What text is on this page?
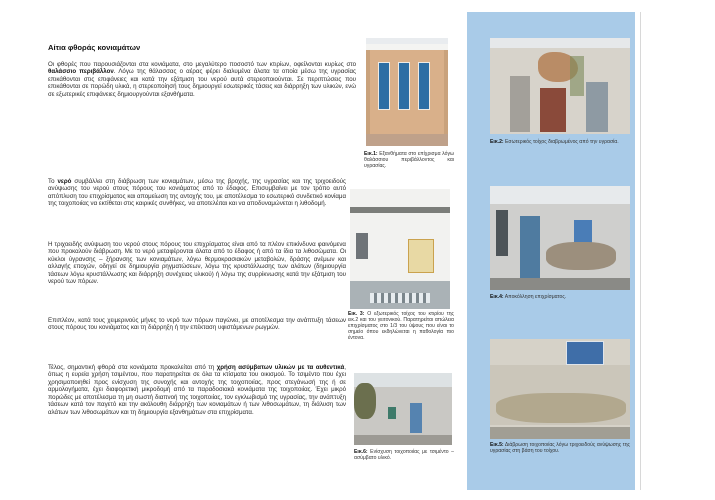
Αίτια φθοράς κονιαμάτων

Οι φθορές που παρουσιάζονται στα κονιάματα, στο μεγαλύτερο ποσοστό των κτιρίων, οφείλονται κυρίως στο θαλάσσιο περιβάλλον. Λόγω της θάλασσας ο αέρας φέρει διαλυμένα άλατα τα οποία μέσω της υγρασίας επικάθονται στις επιφάνειες και κατά την εξάτμιση του νερού αυτά στερεοποιούνται. Σε περιπτώσεις που επικάθονται σε πορώδη υλικά, η στερεοποίησή τους δημιουργεί εσωτερικές τάσεις και διάρρηξη των υλικών, ενώ σε εξωτερικές επιφάνειες δημιουργούνται εξανθήματα.

Το νερό συμβάλλει στη διάβρωση των κονιαμάτων, μέσω της βροχής, της υγρασίας και της τριχοειδούς ανύψωσης του νερού στους πόρους του κονιάματος από το έδαφος. Επισυμβαίνει με τον τρόπο αυτό απόπλυση του επιχρίσματος και απομείωση της αντοχής του, με αποτέλεσμα το εσωτερικό συνδετικό κονίαμα της τοιχοποιίας να εκτίθεται στις καιρικές συνθήκες, να αποτελέιται και να αποδυναμώνεται η λιθοδομή.

Η τριχοειδής ανύψωση του νερού στους πόρους του επιχρίσματος είναι από τα πλέον επικίνδυνα φαινόμενα που προκαλούν διάβρωση. Με το νερό μεταφέρονται άλατα από το έδαφος ή από τα ίδια τα λιθοσώματα. Οι κύκλοι ύγρανσης – ξήρανσης των κονιαμάτων, λόγω θερμοκρασιακών μεταβολών, δράσης ανέμων και αλλαγής εποχών, οδηγεί σε δημιουργία ρηγματώσεων, λόγω της κρυστάλλωσης των αλάτων (δημιουργία τάσεων λόγω κρυστάλλωσης και διάρρηξη συνέχειας υλικού) ή λόγω της συρρίκνωσης κατά την εξάτμιση του νερού των πόρων.

Επιπλέον, κατά τους χειμερινούς μήνες το νερό των πόρων παγώνει, με αποτέλεσμα την ανάπτυξη τάσεων στους πόρους του κονιάματος και τη διάρρηξη ή την επέκταση υφιστάμενων ρωγμών.

Τέλος, σημαντική φθορά στα κονιάματα προκαλείται από τη χρήση ασύμβατων υλικών με τα αυθεντικά, όπως η ευρεία χρήση τσιμέντου, που παρατηρείται σε όλα τα κτίσματα του οικισμού. Το τσιμέντο που έχει χρησιμοποιηθεί προς ενίσχυση της συνοχής και αντοχής της τοιχοποιίας, προς στεγάνωσή της ή σε αρμολογήματα, έχει διαφορετική μικροδομή από τα παραδοσιακά κονιάματα της τοιχοποιίας. Έχει μικρό πορώδες με αποτέλεσμα τη μη σωστή διαπνοή της τοιχοποιίας, τον εγκλωβισμό της υγρασίας, την ανάπτυξη τάσεων κατά τον παγετό και την ακόλουθη διάρρηξη των κονιαμάτων ή των λιθοσωμάτων, τη διάλυση των αλάτων των λιθοσωμάτων και τη δημιουργία εξανθημάτων στα επιχρίσματα.

Εικ.1: Εξανθήματα στο επίχρισμα λόγω θαλάσσιου περιβάλλοντος και υγρασίας.

Εικ.2: Εσωτερικός τοίχος διαβρωμένος από την υγρασία.

Εικ. 3: Ο εξωτερικός τοίχος του κτιρίου της εικ.2 και του γειτονικού. Παρατηρείται απώλεια επιχρίσματος στο 1/3 του ύψους που είναι το σημείο όπου εκδηλώνεται η παθολογία πιο έντονα.

Εικ.4: Αποκόλληση επιχρίσματος.

Εικ.5: Διάβρωση τοιχοποιίας λόγω τριχοειδούς ανύψωσης της υγρασίας στη βάση του τοίχου.

Εικ.6: Ενίσχυση τοιχοποιίας με τσιμέντο – ασύμβατο υλικό.
